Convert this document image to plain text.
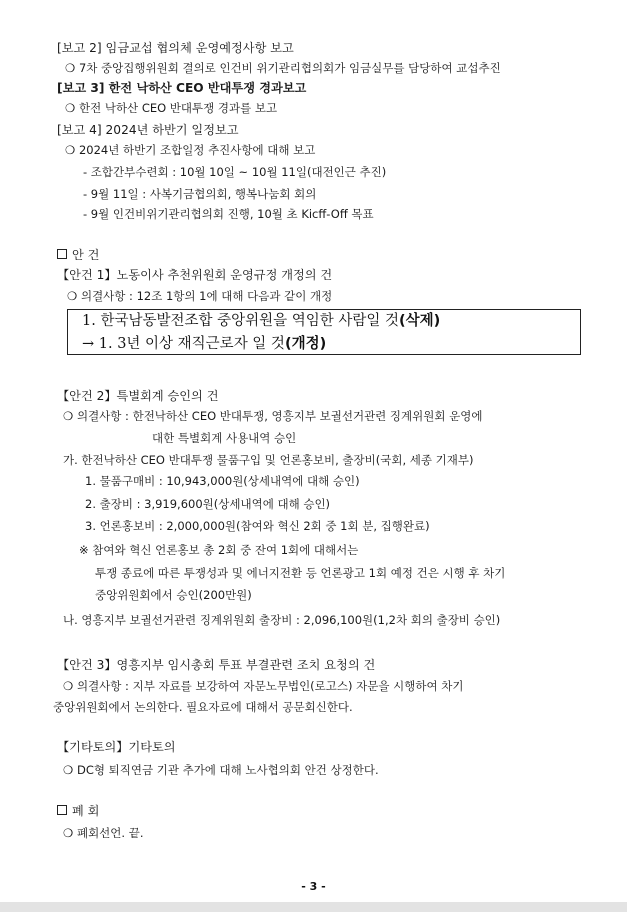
[보고 2] 임금교섭 협의체 운영예정사항 보고
❍ 7차 중앙집행위원회 결의로 인건비 위기관리협의회가 임금실무를 담당하여 교섭추진
[보고 3] 한전 낙하산 CEO 반대투쟁 경과보고
❍ 한전 낙하산 CEO 반대투쟁 경과를 보고
[보고 4] 2024년 하반기 일정보고
❍ 2024년 하반기 조합일정 추진사항에 대해 보고
- 조합간부수련회 : 10월 10일 ~ 10월 11일(대전인근 추진)
- 9월 11일 : 사복기금협의회, 행복나눔회 회의
- 9월 인건비위기관리협의회 진행, 10월 초 Kicff-Off 목표
안 건
【안건 1】노동이사 추천위원회 운영규정 개정의 건
❍ 의결사항 : 12조 1항의 1에 대해 다음과 같이 개정
1. 한국남동발전조합 중앙위원을 역임한 사람일 것(삭제)
→ 1. 3년 이상 재직근로자 일 것(개정)
【안건 2】특별회계 승인의 건
❍ 의결사항 : 한전낙하산 CEO 반대투쟁, 영흥지부 보궐선거관련 징계위원회 운영에
대한 특별회계 사용내역 승인
가. 한전낙하산 CEO 반대투쟁 물품구입 및 언론홍보비, 출장비(국회, 세종 기재부)
1. 물품구매비 : 10,943,000원(상세내역에 대해 승인)
2. 출장비 : 3,919,600원(상세내역에 대해 승인)
3. 언론홍보비 : 2,000,000원(참여와 혁신 2회 중 1회 분, 집행완료)
※ 참여와 혁신 언론홍보 총 2회 중 잔여 1회에 대해서는
투쟁 종료에 따른 투쟁성과 및 에너지전환 등 언론광고 1회 예정 건은 시행 후 차기
중앙위원회에서 승인(200만원)
나. 영흥지부 보궐선거관련 징계위원회 출장비 : 2,096,100원(1,2차 회의 출장비 승인)
【안건 3】영흥지부 임시총회 투표 부결관련 조치 요청의 건
❍ 의결사항 : 지부 자료를 보강하여 자문노무법인(로고스) 자문을 시행하여 차기
중앙위원회에서 논의한다. 필요자료에 대해서 공문회신한다.
【기타토의】기타토의
❍ DC형 퇴직연금 기관 추가에 대해 노사협의회 안건 상정한다.
폐 회
❍ 폐회선언. 끝.
- 3 -
